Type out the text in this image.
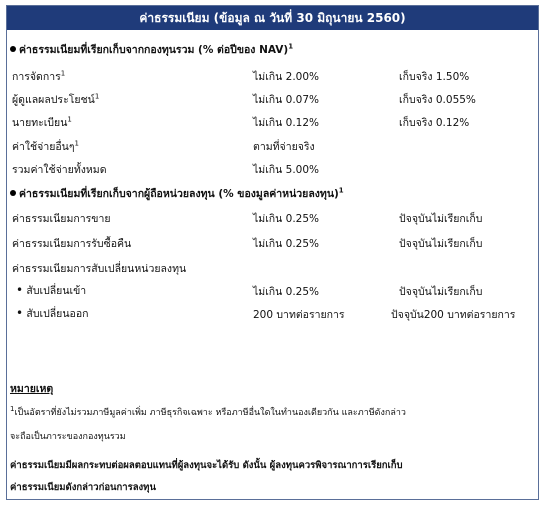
ค่าธรรมเนียม (ข้อมูล ณ วันที่ 30 มิถุนายน 2560)
ค่าธรรมเนียมที่เรียกเก็บจากกองทุนรวม (% ต่อปีของ NAV)$^1$
การจัดการ$^1$	ไม่เกิน 2.00%	เก็บจริง 1.50%
ผู้ดูแลผลประโยชน์$^1$	ไม่เกิน 0.07%	เก็บจริง 0.055%
นายทะเบียน$^1$	ไม่เกิน 0.12%	เก็บจริง 0.12%
ค่าใช้จ่ายอื่นๆ$^1$	ตามที่จ่ายจริง
รวมค่าใช้จ่ายทั้งหมด	ไม่เกิน 5.00%
ค่าธรรมเนียมที่เรียกเก็บจากผู้ถือหน่วยลงทุน (% ของมูลค่าหน่วยลงทุน)$^1$
ค่าธรรมเนียมการขาย	ไม่เกิน 0.25%	ปัจจุบันไม่เรียกเก็บ
ค่าธรรมเนียมการรับซื้อคืน	ไม่เกิน 0.25%	ปัจจุบันไม่เรียกเก็บ
ค่าธรรมเนียมการสับเปลี่ยนหน่วยลงทุน
• สับเปลี่ยนเข้า	ไม่เกิน 0.25%	ปัจจุบันไม่เรียกเก็บ
• สับเปลี่ยนออก	200 บาทต่อรายการ	ปัจจุบัน200 บาทต่อรายการ
หมายเหตุ
$^1$เป็นอัตราที่ยังไม่รวมภาษีมูลค่าเพิ่ม ภาษีธุรกิจเฉพาะ หรือภาษีอื่นใดในทำนองเดียวกัน และภาษีดังกล่าว
จะถือเป็นภาระของกองทุนรวม
ค่าธรรมเนียมมีผลกระทบต่อผลตอบแทนที่ผู้ลงทุนจะได้รับ ดังนั้น ผู้ลงทุนควรพิจารณาการเรียกเก็บ
ค่าธรรมเนียมดังกล่าวก่อนการลงทุน
